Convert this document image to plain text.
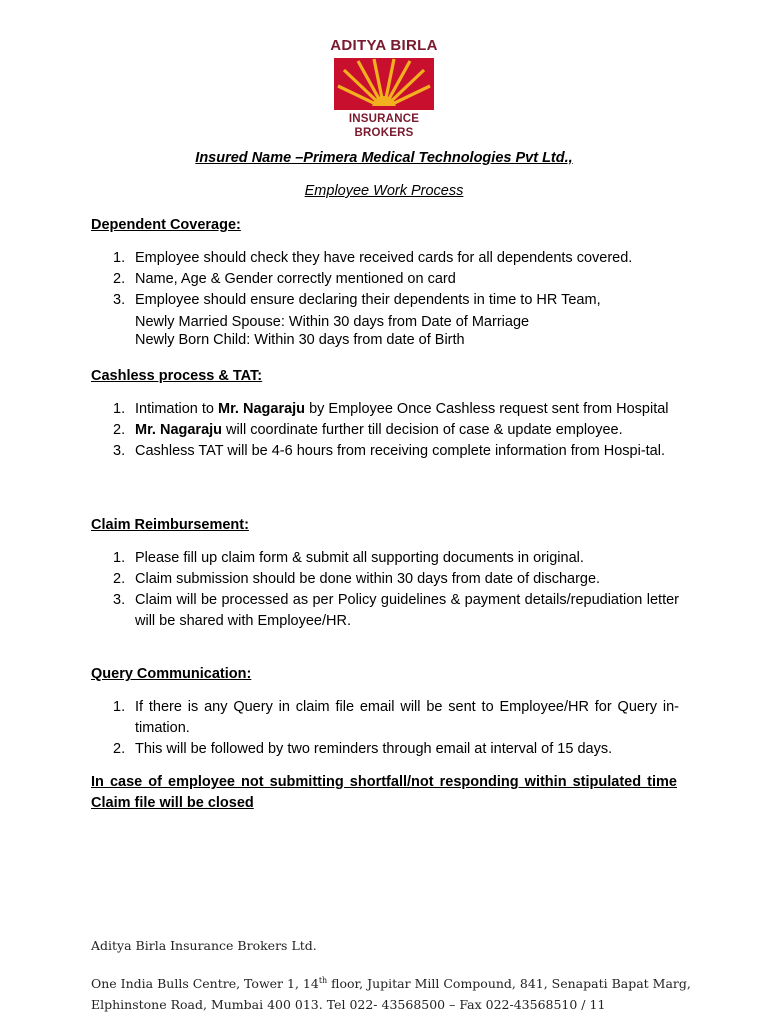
ADITYA BIRLA
INSURANCE BROKERS
Insured Name –Primera Medical Technologies Pvt Ltd.,
Employee Work Process
Dependent Coverage:
1. Employee should check they have received cards for all dependents covered.
2. Name, Age & Gender correctly mentioned on card
3. Employee should ensure declaring their dependents in time to HR Team,
Newly Married Spouse: Within 30 days from Date of Marriage
Newly Born Child: Within 30 days from date of Birth
Cashless process & TAT:
1. Intimation to Mr. Nagaraju by Employee Once Cashless request sent from Hospital
2. Mr. Nagaraju will coordinate further till decision of case & update employee.
3. Cashless TAT will be 4-6 hours from receiving complete information from Hospi-tal.
Claim Reimbursement:
1. Please fill up claim form & submit all supporting documents in original.
2. Claim submission should be done within 30 days from date of discharge.
3. Claim will be processed as per Policy guidelines & payment details/repudiation letter will be shared with Employee/HR.
Query Communication:
1. If there is any Query in claim file email will be sent to Employee/HR for Query in-timation.
2. This will be followed by two reminders through email at interval of 15 days.
In case of employee not submitting shortfall/not responding within stipulated time Claim file will be closed
Aditya Birla Insurance Brokers Ltd.
One India Bulls Centre, Tower 1, 14th floor, Jupitar Mill Compound, 841, Senapati Bapat Marg,
Elphinstone Road, Mumbai 400 013. Tel 022- 43568500 – Fax 022-43568510 / 11
